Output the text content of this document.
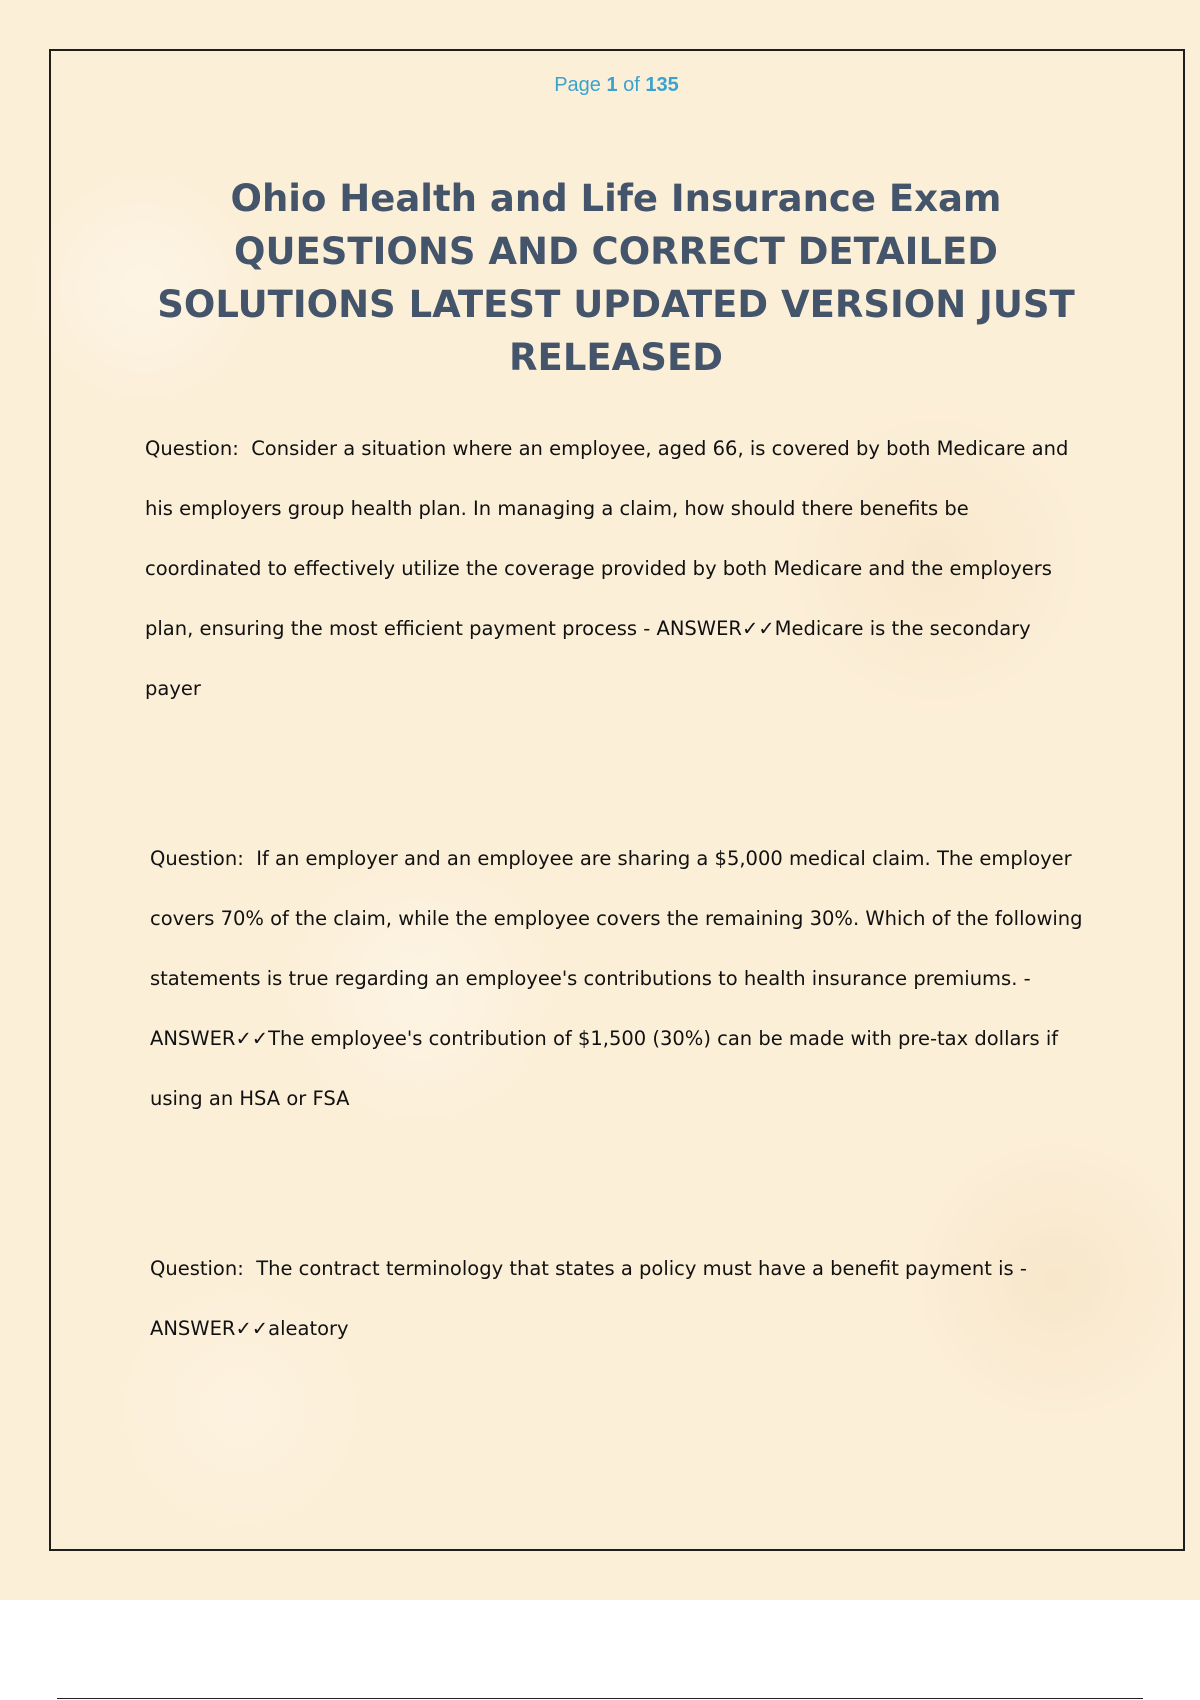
Page 1 of 135
Ohio Health and Life Insurance Exam QUESTIONS AND CORRECT DETAILED SOLUTIONS LATEST UPDATED VERSION JUST RELEASED

Question:  Consider a situation where an employee, aged 66, is covered by both Medicare and his employers group health plan. In managing a claim, how should there benefits be coordinated to effectively utilize the coverage provided by both Medicare and the employers plan, ensuring the most efficient payment process - ANSWER✓✓Medicare is the secondary payer

Question:  If an employer and an employee are sharing a $5,000 medical claim. The employer covers 70% of the claim, while the employee covers the remaining 30%. Which of the following statements is true regarding an employee's contributions to health insurance premiums. - ANSWER✓✓The employee's contribution of $1,500 (30%) can be made with pre-tax dollars if using an HSA or FSA

Question:  The contract terminology that states a policy must have a benefit payment is - ANSWER✓✓aleatory
